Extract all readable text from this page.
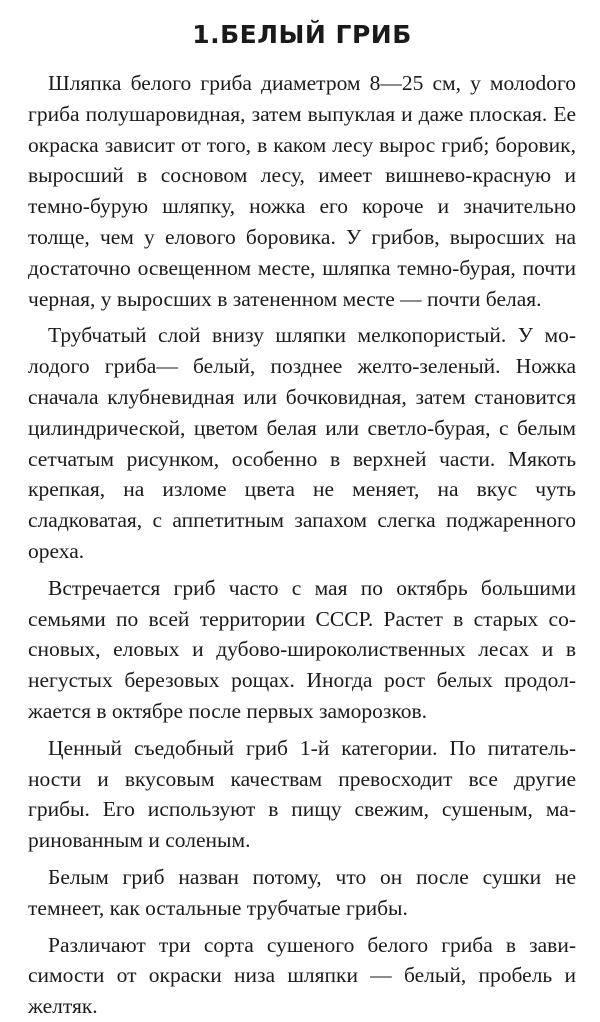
1.БЕЛЫЙ ГРИБ

Шляпка белого гриба диаметром 8—25 см, у молоdого гриба полушаровидная, затем выпуклая и даже плоская. Ее окраска зависит от того, в каком лесу вырос гриб; боровик, выросший в сосновом лесу, имеет вишнево-красную и темно-бурую шляпку, ножка его короче и значительно толще, чем у елового боровика. У грибов, выросших на достаточно освещенном месте, шляпка темно-бурая, почти черная, у выросших в затененном месте — почти белая.

Трубчатый слой внизу шляпки мелкопористый. У молодого гриба— белый, позднее желто-зеленый. Ножка сначала клубневидная или бочковидная, затем становится цилиндрической, цветом белая или светло-бурая, с белым сетчатым рисунком, особенно в верхней части. Мякоть крепкая, на изломе цвета не меняет, на вкус чуть сладковатая, с аппетитным запахом слегка поджаренного ореха.

Встречается гриб часто с мая по октябрь большими семьями по всей территории СССР. Растет в старых сосновых, еловых и дубово-широколиственных лесах и в негустых березовых рощах. Иногда рост белых продолжается в октябре после первых заморозков.

Ценный съедобный гриб 1-й категории. По питательности и вкусовым качествам превосходит все другие грибы. Его используют в пищу свежим, сушеным, маринованным и соленым.

Белым гриб назван потому, что он после сушки не темнеет, как остальные трубчатые грибы.

Различают три сорта сушеного белого гриба в зависимости от окраски низа шляпки — белый, пробель и желтяк.
